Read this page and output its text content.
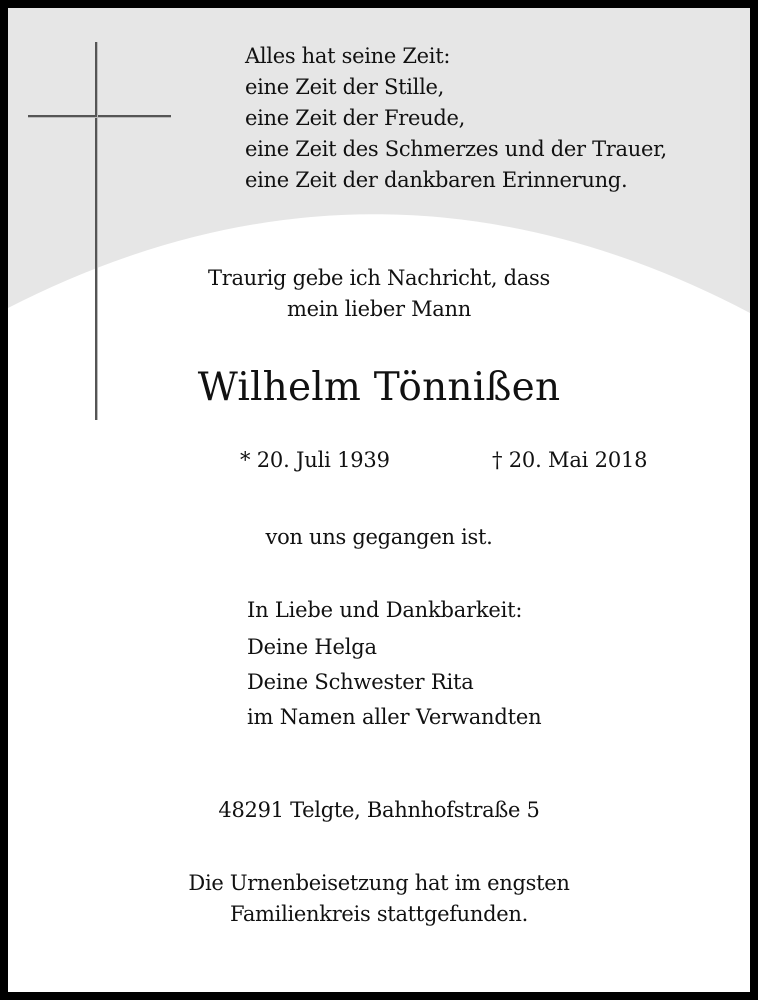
Alles hat seine Zeit:

eine Zeit der Stille,

eine Zeit der Freude,

eine Zeit des Schmerzes und der Trauer,

eine Zeit der dankbaren Erinnerung.

Traurig gebe ich Nachricht, dass

mein lieber Mann

Wilhelm Tönnißen

* 20. Juli 1939	† 20. Mai 2018

von uns gegangen ist.

In Liebe und Dankbarkeit:

Deine Helga

Deine Schwester Rita

im Namen aller Verwandten

48291 Telgte, Bahnhofstraße 5

Die Urnenbeisetzung hat im engsten

Familienkreis stattgefunden.
